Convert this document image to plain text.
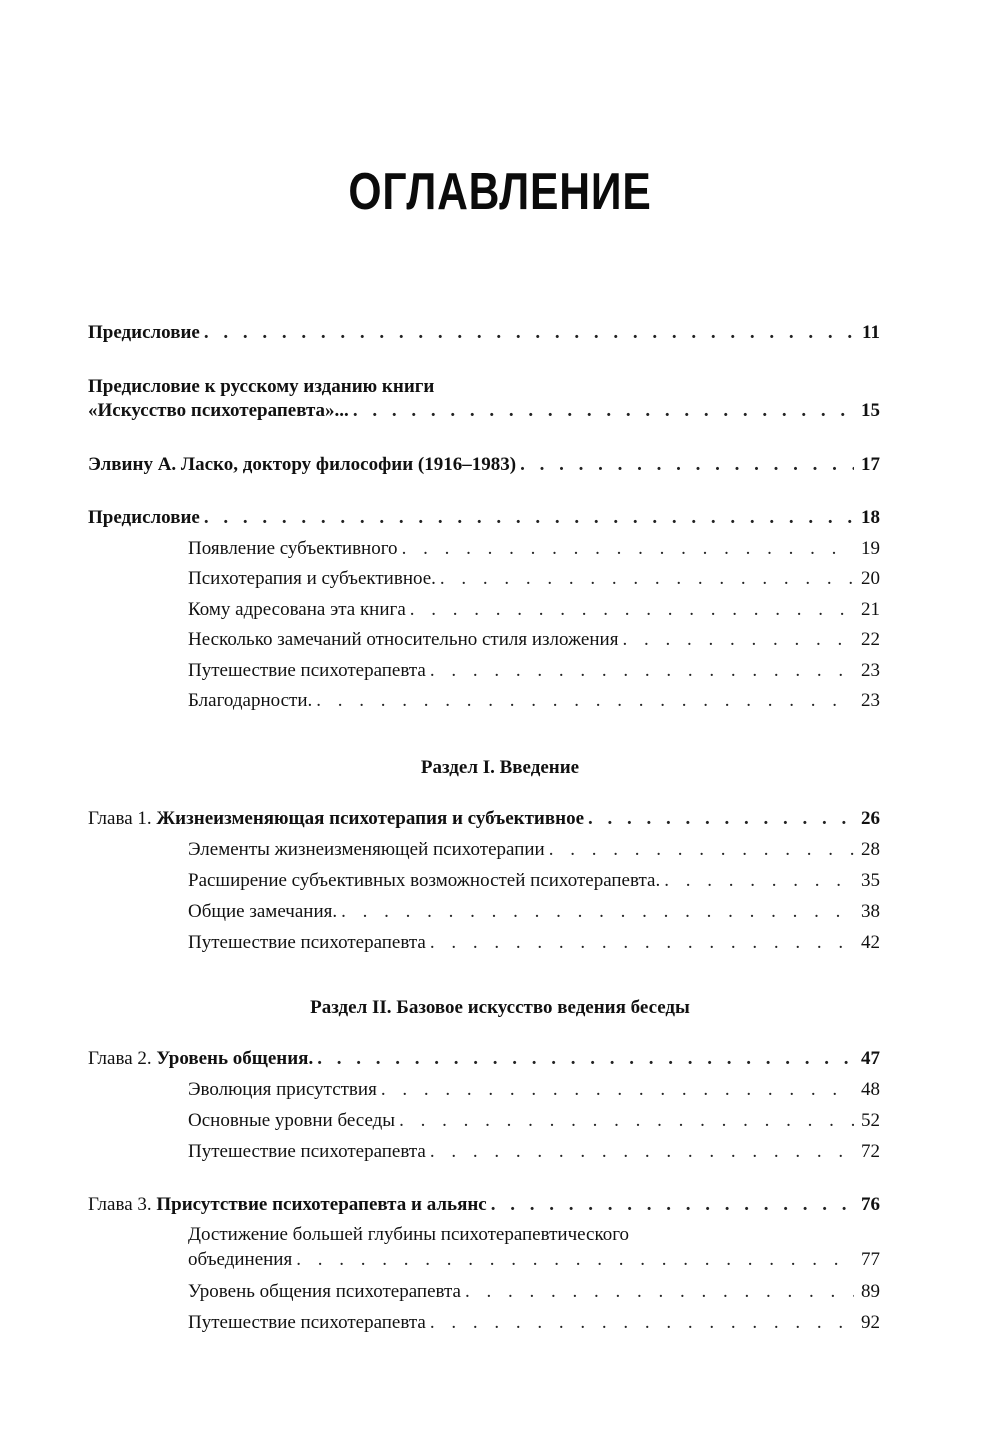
ОГЛАВЛЕНИЕ
Предисловие . . .	11
Предисловие к русскому изданию книги
«Искусство психотерапевта»... . . .	15
Элвину А. Ласко, доктору философии (1916–1983) . . .	17
Предисловие . . .	18
Появление субъективного . . .	19
Психотерапия и субъективное. . . .	20
Кому адресована эта книга . . .	21
Несколько замечаний относительно стиля изложения . . .	22
Путешествие психотерапевта . . .	23
Благодарности. . . .	23
Раздел I. Введение
Глава 1. Жизнеизменяющая психотерапия и субъективное . . .	26
Элементы жизнеизменяющей психотерапии . . .	28
Расширение субъективных возможностей психотерапевта. . . .	35
Общие замечания. . . .	38
Путешествие психотерапевта . . .	42
Раздел II. Базовое искусство ведения беседы
Глава 2. Уровень общения. . . .	47
Эволюция присутствия . . .	48
Основные уровни беседы . . .	52
Путешествие психотерапевта . . .	72
Глава 3. Присутствие психотерапевта и альянс . . .	76
Достижение большей глубины психотерапевтического
объединения . . .	77
Уровень общения психотерапевта . . .	89
Путешествие психотерапевта . . .	92
